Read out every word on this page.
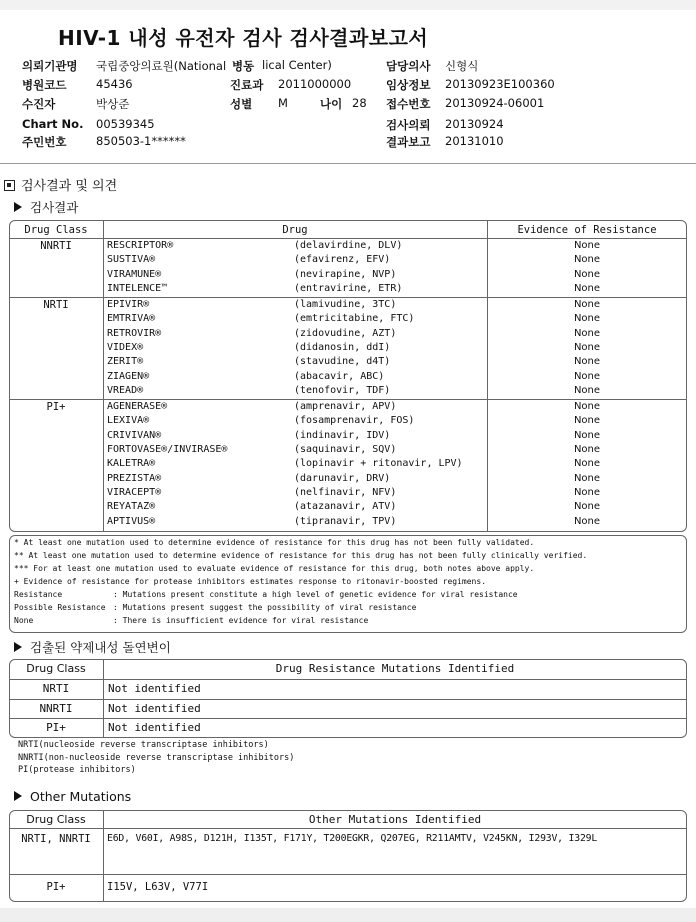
HIV-1 내성 유전자 검사 검사결과보고서
의뢰기관명 국립중앙의료원(National 병동 lical Center)	담당의사 신형식
병원코드	45436	진료과 2011000000	임상정보 20130923E100360
수진자	박상준	성별 M	나이 28 접수번호 20130924-06001
Chart No. 00539345	검사의뢰 20130924
주민번호	850503-1******	결과보고 20131010
검사결과 및 의견
검사결과
Drug Class	Drug	Evidence of Resistance
NNRTI	RESCRIPTOR®	(delavirdine, DLV)	None
SUSTIVA®	(efavirenz, EFV)	None
VIRAMUNE®	(nevirapine, NVP)	None
INTELENCE™	(entravirine, ETR)	None
NRTI	EPIVIR®	(lamivudine, 3TC)	None
EMTRIVA®	(emtricitabine, FTC)	None
RETROVIR®	(zidovudine, AZT)	None
VIDEX®	(didanosin, ddI)	None
ZERIT®	(stavudine, d4T)	None
ZIAGEN®	(abacavir, ABC)	None
VREAD®	(tenofovir, TDF)	None
PI+	AGENERASE®	(amprenavir, APV)	None
LEXIVA®	(fosamprenavir, FOS)	None
CRIVIVAN®	(indinavir, IDV)	None
FORTOVASE®/INVIRASE®	(saquinavir, SQV)	None
KALETRA®	(lopinavir + ritonavir, LPV)	None
PREZISTA®	(darunavir, DRV)	None
VIRACEPT®	(nelfinavir, NFV)	None
REYATAZ®	(atazanavir, ATV)	None
APTIVUS®	(tipranavir, TPV)	None
* At least one mutation used to determine evidence of resistance for this drug has not been fully validated.
** At least one mutation used to determine evidence of resistance for this drug has not been fully clinically verified.
*** For at least one mutation used to evaluate evidence of resistance for this drug, both notes above apply.
+ Evidence of resistance for protease inhibitors estimates response to ritonavir-boosted regimens.
Resistance	: Mutations present constitute a high level of genetic evidence for viral resistance
Possible Resistance : Mutations present suggest the possibility of viral resistance
None	: There is insufficient evidence for viral resistance
검출된 약제내성 돌연변이
Drug Class	Drug Resistance Mutations Identified
NRTI	Not identified
NNRTI	Not identified
PI+	Not identified
NRTI(nucleoside reverse transcriptase inhibitors)
NNRTI(non-nucleoside reverse transcriptase inhibitors)
PI(protease inhibitors)
Other Mutations
Drug Class	Other Mutations Identified
NRTI, NNRTI	E6D, V60I, A98S, D121H, I135T, F171Y, T200EGKR, Q207EG, R211AMTV, V245KN, I293V, I329L
PI+	I15V, L63V, V77I
